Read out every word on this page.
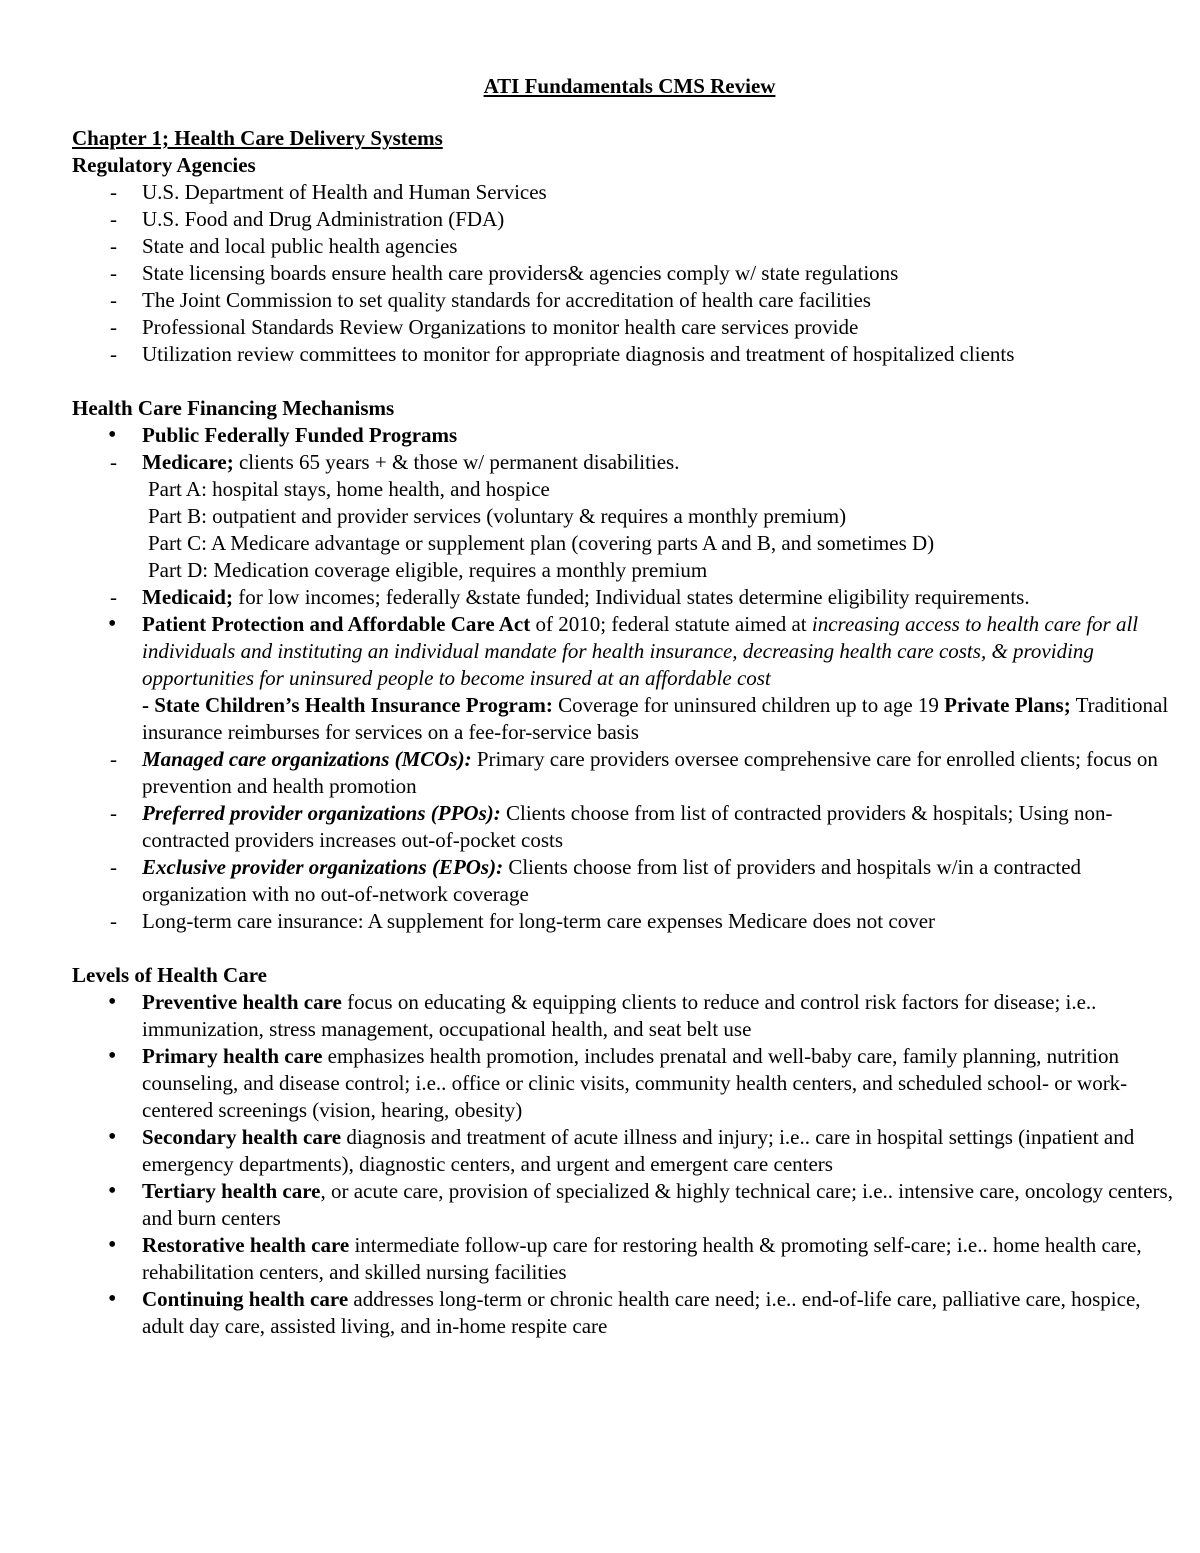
ATI Fundamentals CMS Review
Chapter 1; Health Care Delivery Systems
Regulatory Agencies
- U.S. Department of Health and Human Services
- U.S. Food and Drug Administration (FDA)
- State and local public health agencies
- State licensing boards ensure health care providers& agencies comply w/ state regulations
- The Joint Commission to set quality standards for accreditation of health care facilities
- Professional Standards Review Organizations to monitor health care services provide
- Utilization review committees to monitor for appropriate diagnosis and treatment of hospitalized clients
Health Care Financing Mechanisms
• Public Federally Funded Programs
- Medicare; clients 65 years + & those w/ permanent disabilities.
Part A: hospital stays, home health, and hospice
Part B: outpatient and provider services (voluntary & requires a monthly premium)
Part C: A Medicare advantage or supplement plan (covering parts A and B, and sometimes D)
Part D: Medication coverage eligible, requires a monthly premium
- Medicaid; for low incomes; federally &state funded; Individual states determine eligibility requirements.
• Patient Protection and Affordable Care Act of 2010; federal statute aimed at increasing access to health care for all individuals and instituting an individual mandate for health insurance, decreasing health care costs, & providing opportunities for uninsured people to become insured at an affordable cost
- State Children’s Health Insurance Program: Coverage for uninsured children up to age 19 Private Plans; Traditional insurance reimburses for services on a fee-for-service basis
- Managed care organizations (MCOs): Primary care providers oversee comprehensive care for enrolled clients; focus on prevention and health promotion
- Preferred provider organizations (PPOs): Clients choose from list of contracted providers & hospitals; Using non-contracted providers increases out-of-pocket costs
- Exclusive provider organizations (EPOs): Clients choose from list of providers and hospitals w/in a contracted organization with no out-of-network coverage
- Long-term care insurance: A supplement for long-term care expenses Medicare does not cover
Levels of Health Care
• Preventive health care focus on educating & equipping clients to reduce and control risk factors for disease; i.e.. immunization, stress management, occupational health, and seat belt use
• Primary health care emphasizes health promotion, includes prenatal and well-baby care, family planning, nutrition counseling, and disease control; i.e.. office or clinic visits, community health centers, and scheduled school- or work-centered screenings (vision, hearing, obesity)
• Secondary health care diagnosis and treatment of acute illness and injury; i.e.. care in hospital settings (inpatient and emergency departments), diagnostic centers, and urgent and emergent care centers
• Tertiary health care, or acute care, provision of specialized & highly technical care; i.e.. intensive care, oncology centers, and burn centers
• Restorative health care intermediate follow-up care for restoring health & promoting self-care; i.e.. home health care, rehabilitation centers, and skilled nursing facilities
• Continuing health care addresses long-term or chronic health care need; i.e.. end-of-life care, palliative care, hospice, adult day care, assisted living, and in-home respite care
